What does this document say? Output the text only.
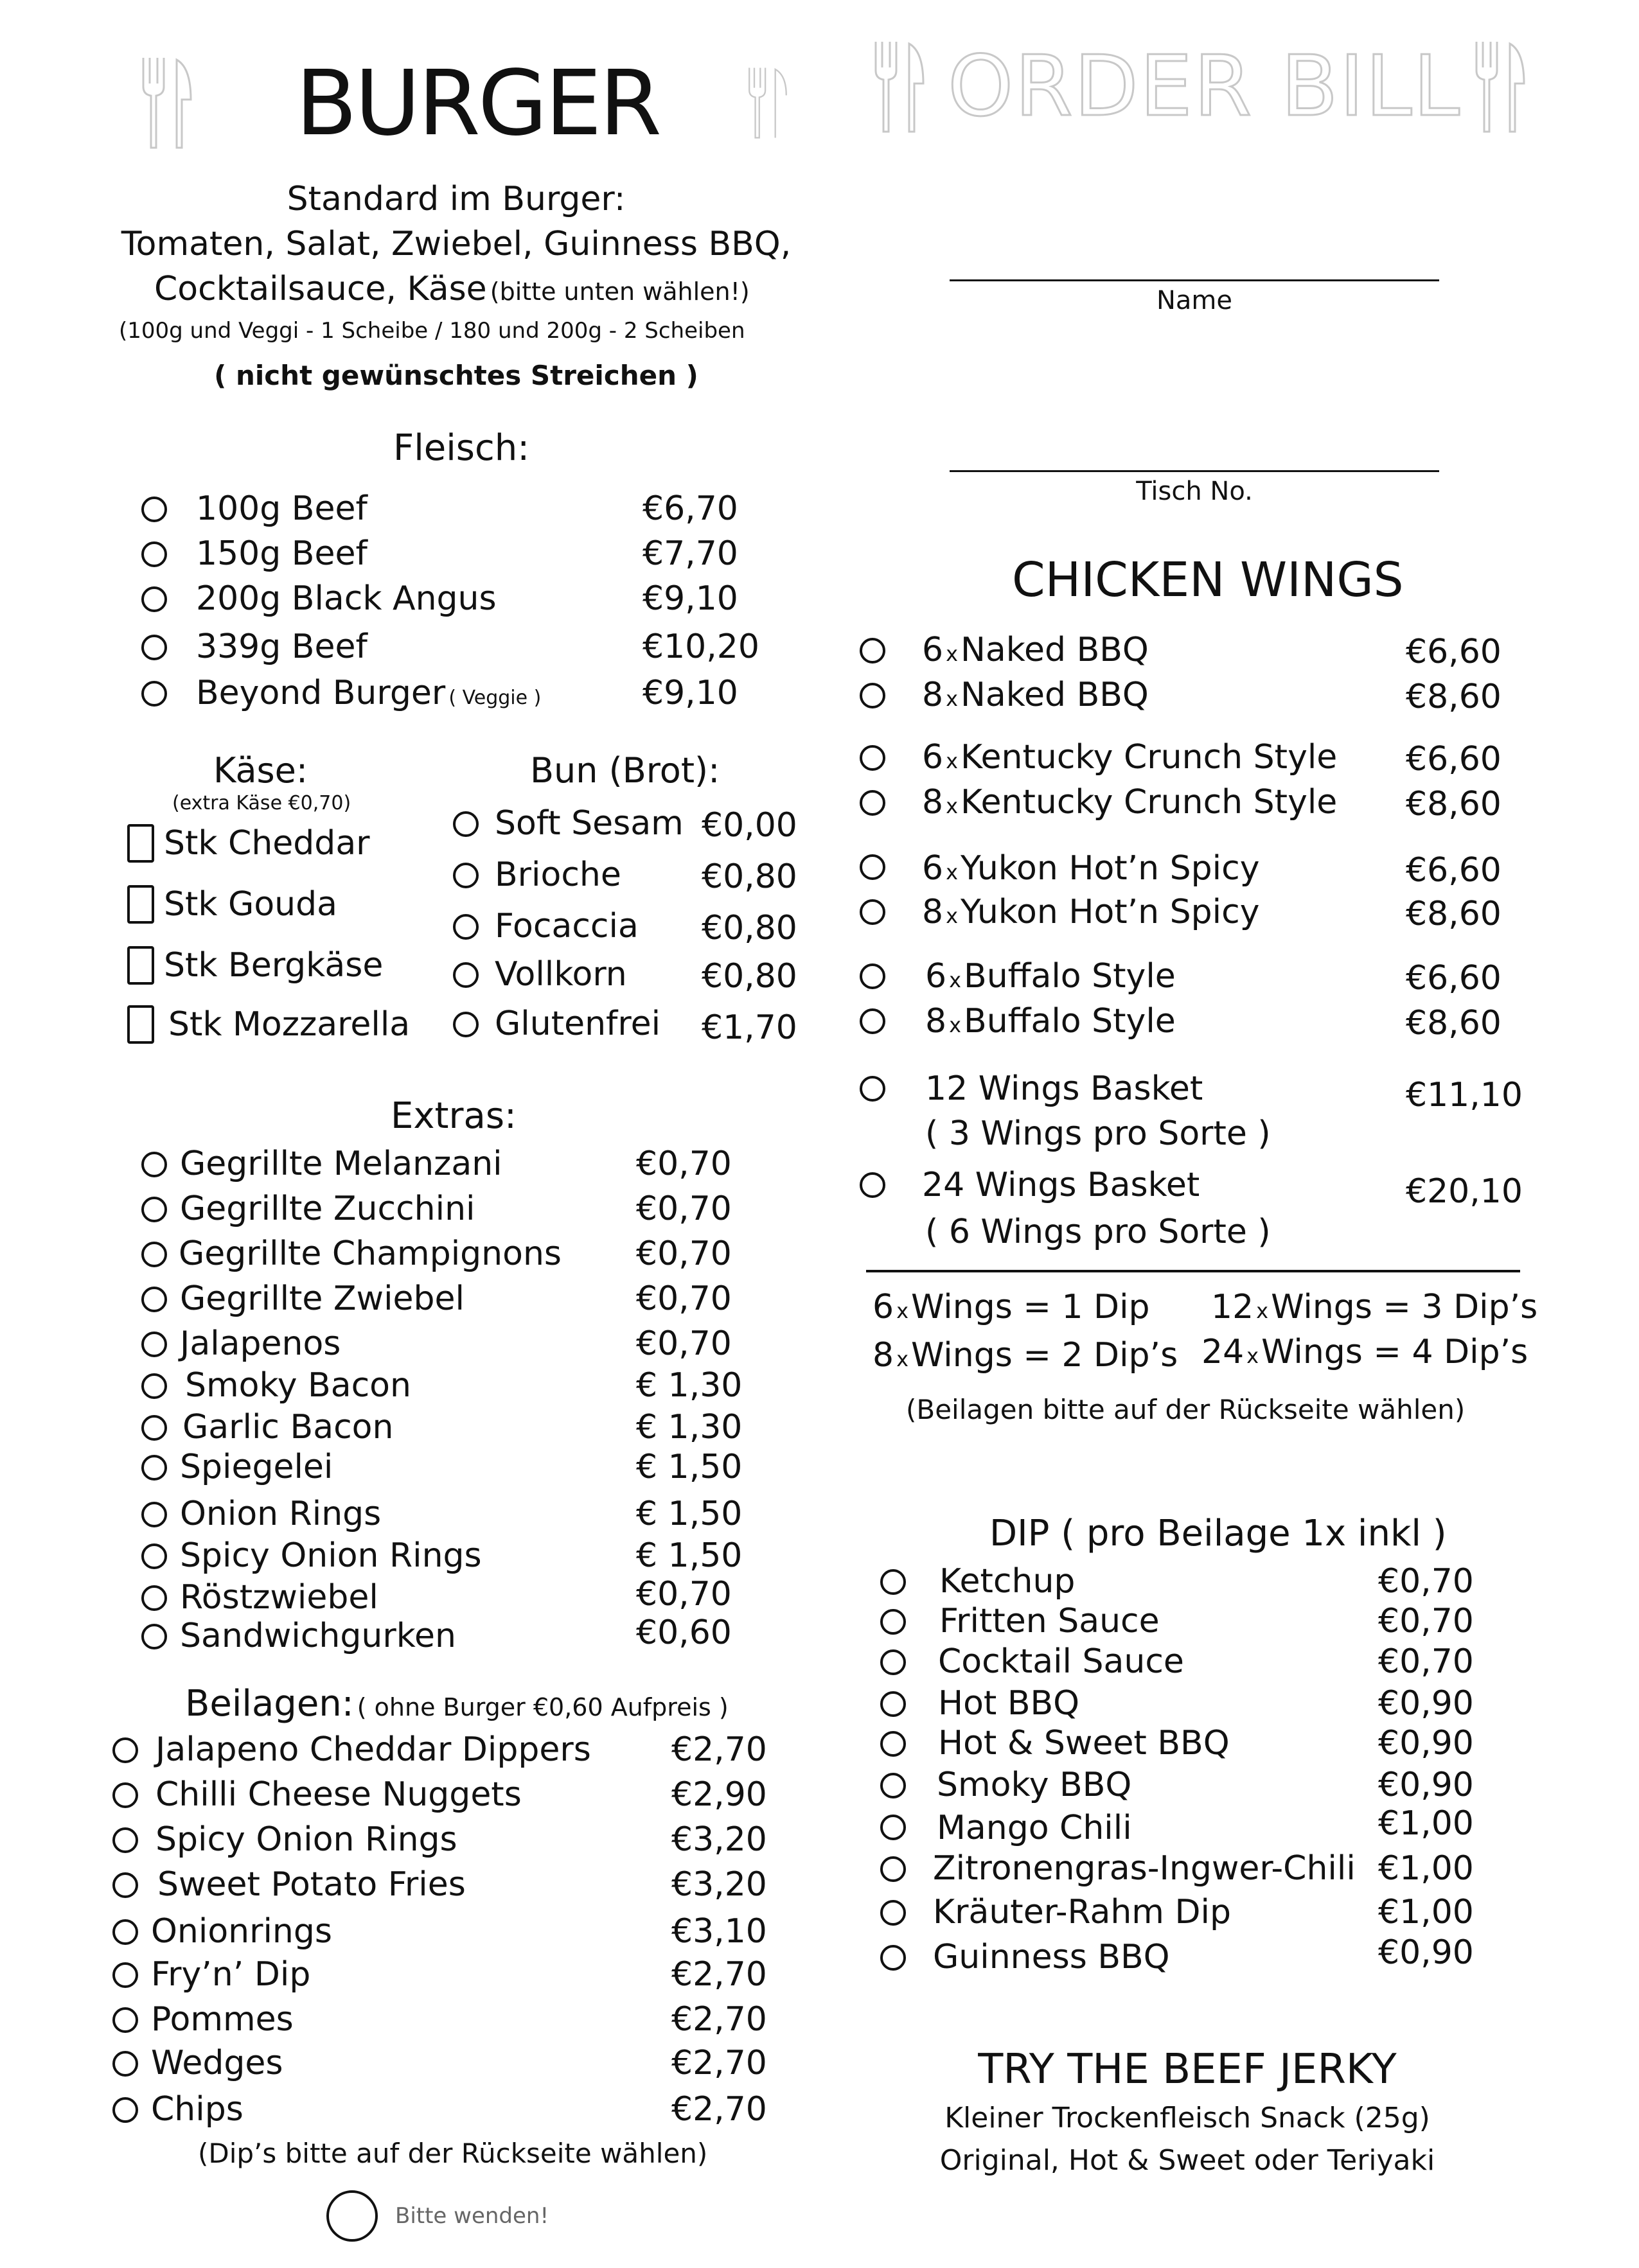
BURGER
Standard im Burger:
Tomaten, Salat, Zwiebel, Guinness BBQ,
Cocktailsauce, Käse (bitte unten wählen!)
(100g und Veggi - 1 Scheibe / 180 und 200g - 2 Scheiben
( nicht gewünschtes Streichen )
Fleisch:
100g Beef	€6,70
150g Beef	€7,70
200g Black Angus	€9,10
339g Beef	€10,20
Beyond Burger ( Veggie )	€9,10
Käse:
(extra Käse €0,70)
Stk Cheddar
Stk Gouda
Stk Bergkäse
Stk Mozzarella
Bun (Brot):
Soft Sesam €0,00
Brioche €0,80
Focaccia €0,80
Vollkorn €0,80
Glutenfrei €1,70
Extras:
Gegrillte Melanzani	€0,70
Gegrillte Zucchini	€0,70
Gegrillte Champignons €0,70
Gegrillte Zwiebel	€0,70
Jalapenos	€0,70
Smoky Bacon	€ 1,30
Garlic Bacon	€ 1,30
Spiegelei	€ 1,50
Onion Rings	€ 1,50
Spicy Onion Rings	€ 1,50
Röstzwiebel	€0,70
Sandwichgurken	€0,60
Beilagen: ( ohne Burger €0,60 Aufpreis )
Jalapeno Cheddar Dippers €2,70
Chilli Cheese Nuggets	€2,90
Spicy Onion Rings	€3,20
Sweet Potato Fries	€3,20
Onionrings	€3,10
Fry’n’ Dip	€2,70
Pommes	€2,70
Wedges	€2,70
Chips	€2,70
(Dip’s bitte auf der Rückseite wählen)
Bitte wenden!
ORDER BILL
Name
Tisch No.
CHICKEN WINGS
6 xNaked BBQ	€6,60
8 xNaked BBQ	€8,60
6 xKentucky Crunch Style €6,60
8 xKentucky Crunch Style €8,60
6 xYukon Hot’n Spicy	€6,60
8 xYukon Hot’n Spicy	€8,60
6 xBuffalo Style	€6,60
8 xBuffalo Style	€8,60
12 Wings Basket
( 3 Wings pro Sorte )
€11,10
24 Wings Basket
( 6 Wings pro Sorte )
€20,10
6 xWings = 1 Dip
8 xWings = 2 Dip’s
12 xWings = 3 Dip’s
24 xWings = 4 Dip’s
(Beilagen bitte auf der Rückseite wählen)
DIP ( pro Beilage 1x inkl )
Ketchup	€0,70
Fritten Sauce	€0,70
Cocktail Sauce	€0,70
Hot BBQ	€0,90
Hot & Sweet BBQ	€0,90
Smoky BBQ	€0,90
Mango Chili	€1,00
Zitronengras-Ingwer-Chili €1,00
Kräuter-Rahm Dip	€1,00
Guinness BBQ	€0,90
TRY THE BEEF JERKY
Kleiner Trockenfleisch Snack (25g)
Original, Hot & Sweet oder Teriyaki
